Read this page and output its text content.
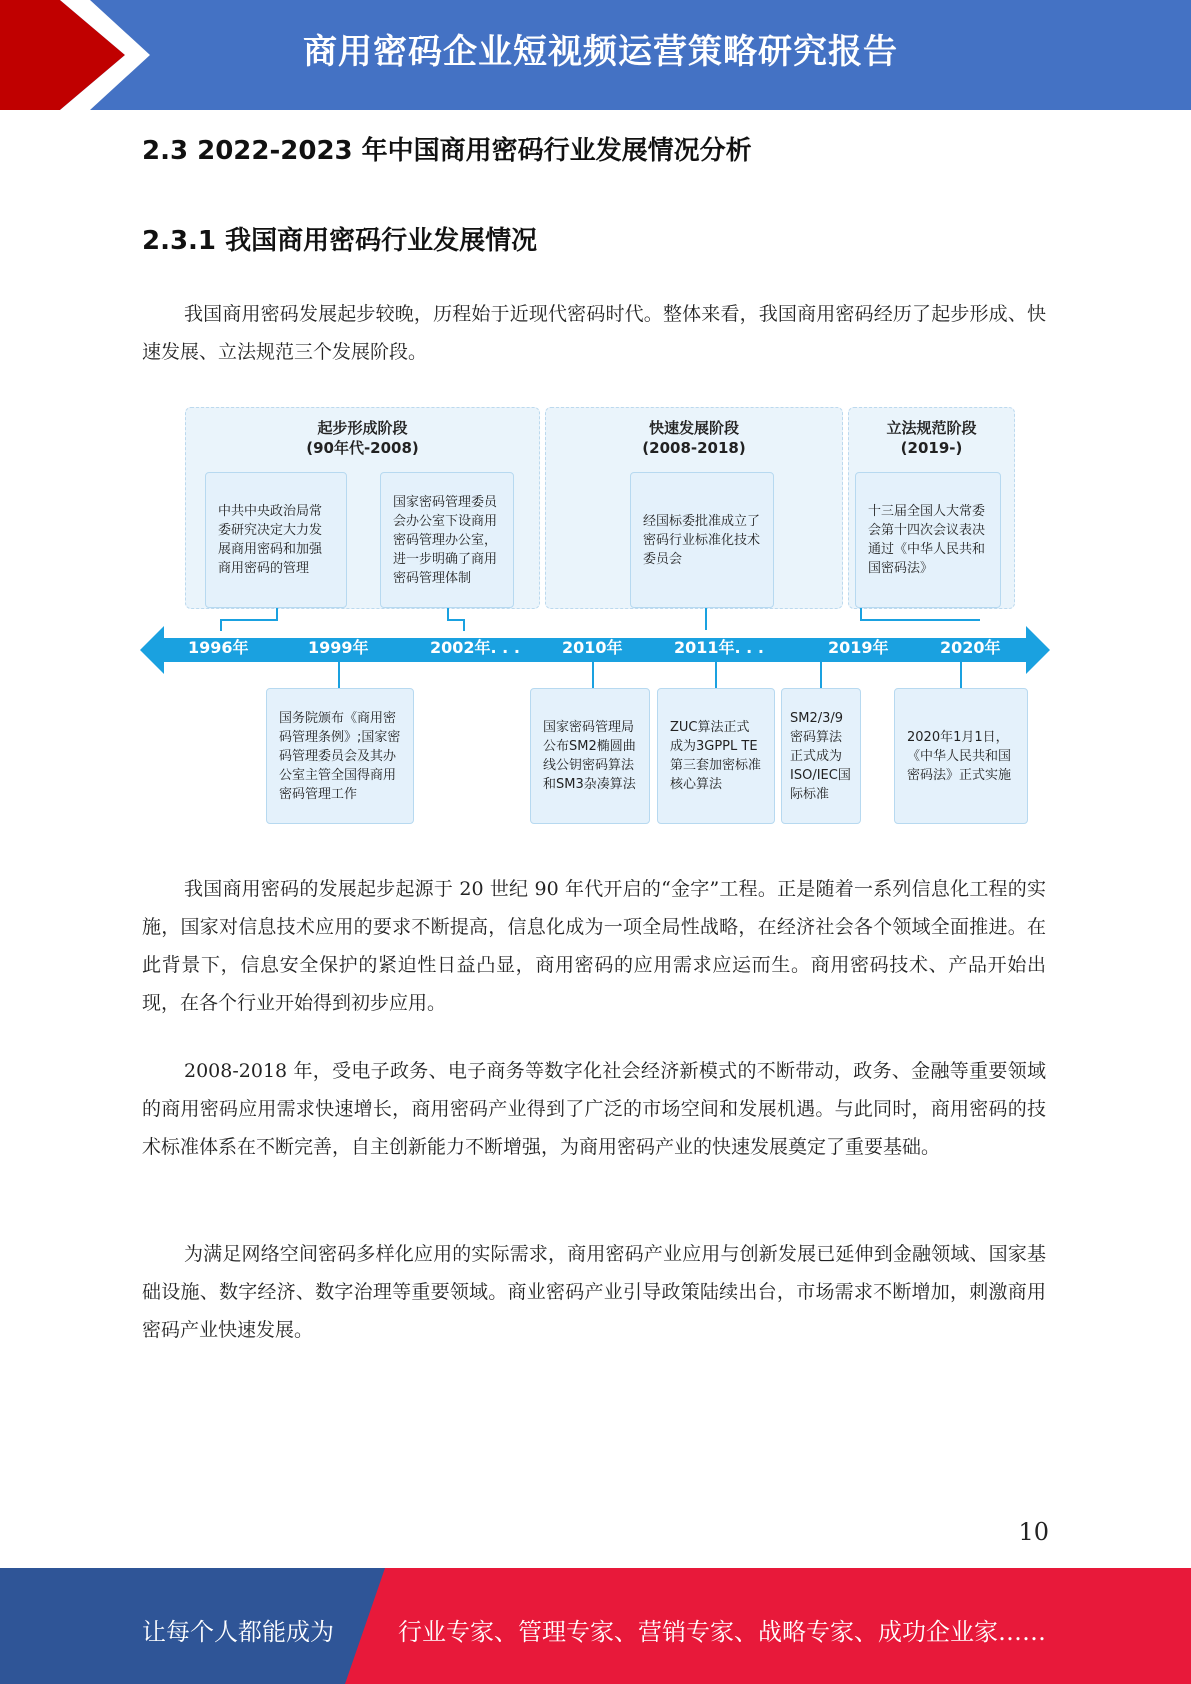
商用密码企业短视频运营策略研究报告
2.3 2022-2023 年中国商用密码行业发展情况分析
2.3.1 我国商用密码行业发展情况

我国商用密码发展起步较晚，历程始于近现代密码时代。整体来看，我国商用密码经历了起步形成、快速发展、立法规范三个发展阶段。

起步形成阶段
(90年代-2008)
快速发展阶段
(2008-2018)
立法规范阶段
(2019-)
中共中央政治局常委研究决定大力发展商用密码和加强商用密码的管理
国家密码管理委员会办公室下设商用密码管理办公室，进一步明确了商用密码管理体制
经国标委批准成立了密码行业标准化技术委员会
十三届全国人大常委会第十四次会议表决通过《中华人民共和国密码法》
1996年	1999年	2002年. . .	2010年	2011年. . .	2019年	2020年
国务院颁布《商用密码管理条例》;国家密码管理委员会及其办公室主管全国得商用密码管理工作
国家密码管理局公布SM2椭圆曲线公钥密码算法和SM3杂凑算法
ZUC算法正式成为3GPPL TE第三套加密标准核心算法
SM2/3/9密码算法正式成为ISO/IEC国际标准
2020年1月1日，《中华人民共和国密码法》正式实施

我国商用密码的发展起步起源于 20 世纪 90 年代开启的“金字”工程。正是随着一系列信息化工程的实施，国家对信息技术应用的要求不断提高，信息化成为一项全局性战略，在经济社会各个领域全面推进。在此背景下，信息安全保护的紧迫性日益凸显，商用密码的应用需求应运而生。商用密码技术、产品开始出现，在各个行业开始得到初步应用。

2008-2018 年，受电子政务、电子商务等数字化社会经济新模式的不断带动，政务、金融等重要领域的商用密码应用需求快速增长，商用密码产业得到了广泛的市场空间和发展机遇。与此同时，商用密码的技术标准体系在不断完善，自主创新能力不断增强，为商用密码产业的快速发展奠定了重要基础。

为满足网络空间密码多样化应用的实际需求，商用密码产业应用与创新发展已延伸到金融领域、国家基础设施、数字经济、数字治理等重要领域。商业密码产业引导政策陆续出台，市场需求不断增加，刺激商用密码产业快速发展。

10
让每个人都能成为	行业专家、管理专家、营销专家、战略专家、成功企业家……
